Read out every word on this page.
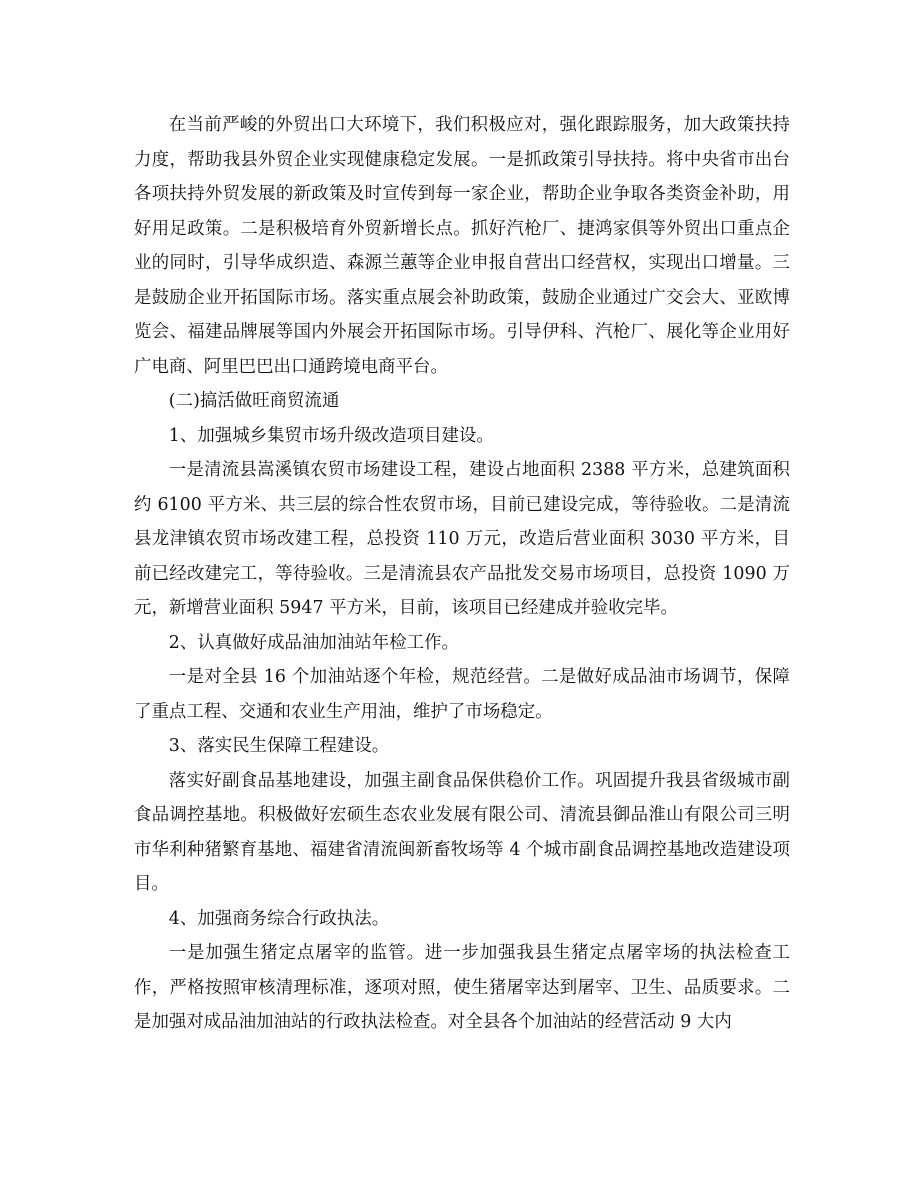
在当前严峻的外贸出口大环境下，我们积极应对，强化跟踪服务，加大政策扶持力度，帮助我县外贸企业实现健康稳定发展。一是抓政策引导扶持。将中央省市出台各项扶持外贸发展的新政策及时宣传到每一家企业，帮助企业争取各类资金补助，用好用足政策。二是积极培育外贸新增长点。抓好汽枪厂、捷鸿家俱等外贸出口重点企业的同时，引导华成织造、森源兰蕙等企业申报自营出口经营权，实现出口增量。三是鼓励企业开拓国际市场。落实重点展会补助政策，鼓励企业通过广交会大、亚欧博览会、福建品牌展等国内外展会开拓国际市场。引导伊科、汽枪厂、展化等企业用好广电商、阿里巴巴出口通跨境电商平台。

(二)搞活做旺商贸流通

1、加强城乡集贸市场升级改造项目建设。

一是清流县嵩溪镇农贸市场建设工程，建设占地面积 2388 平方米，总建筑面积约 6100 平方米、共三层的综合性农贸市场，目前已建设完成，等待验收。二是清流县龙津镇农贸市场改建工程，总投资 110 万元，改造后营业面积 3030 平方米，目前已经改建完工，等待验收。三是清流县农产品批发交易市场项目，总投资 1090 万元，新增营业面积 5947 平方米，目前，该项目已经建成并验收完毕。

2、认真做好成品油加油站年检工作。

一是对全县 16 个加油站逐个年检，规范经营。二是做好成品油市场调节，保障了重点工程、交通和农业生产用油，维护了市场稳定。

3、落实民生保障工程建设。

落实好副食品基地建设，加强主副食品保供稳价工作。巩固提升我县省级城市副食品调控基地。积极做好宏硕生态农业发展有限公司、清流县御品淮山有限公司三明市华利种猪繁育基地、福建省清流闽新畜牧场等 4 个城市副食品调控基地改造建设项目。

4、加强商务综合行政执法。

一是加强生猪定点屠宰的监管。进一步加强我县生猪定点屠宰场的执法检查工作，严格按照审核清理标准，逐项对照，使生猪屠宰达到屠宰、卫生、品质要求。二是加强对成品油加油站的行政执法检查。对全县各个加油站的经营活动 9 大内
